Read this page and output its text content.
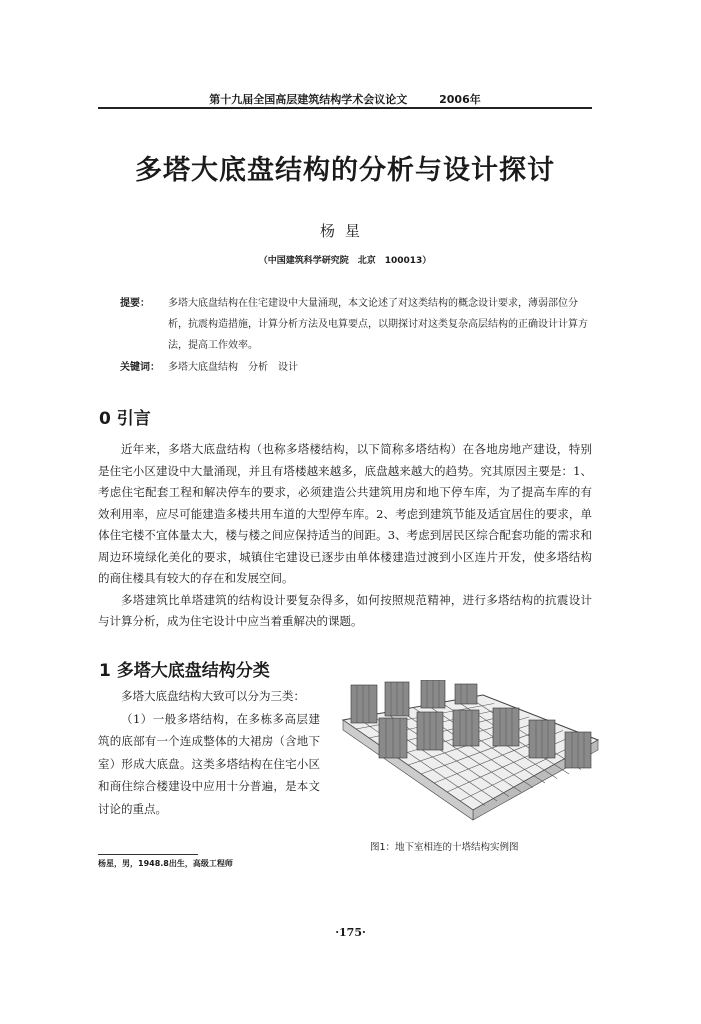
第十九届全国高层建筑结构学术会议论文	2006年
多塔大底盘结构的分析与设计探讨
杨星
（中国建筑科学研究院　北京　100013）
提要：	多塔大底盘结构在住宅建设中大量涌现，本文论述了对这类结构的概念设计要求，薄弱部位分析，抗震构造措施，计算分析方法及电算要点，以期探讨对这类复杂高层结构的正确设计计算方法，提高工作效率。
关键词： 多塔大底盘结构　分析　设计
0 引言

近年来，多塔大底盘结构（也称多塔楼结构，以下简称多塔结构）在各地房地产建设，特别是住宅小区建设中大量涌现，并且有塔楼越来越多，底盘越来越大的趋势。究其原因主要是：1、考虑住宅配套工程和解决停车的要求，必须建造公共建筑用房和地下停车库，为了提高车库的有效利用率，应尽可能建造多楼共用车道的大型停车库。2、考虑到建筑节能及适宜居住的要求，单体住宅楼不宜体量太大，楼与楼之间应保持适当的间距。3、考虑到居民区综合配套功能的需求和周边环境绿化美化的要求，城镇住宅建设已逐步由单体楼建造过渡到小区连片开发，使多塔结构的商住楼具有较大的存在和发展空间。

多塔建筑比单塔建筑的结构设计要复杂得多，如何按照规范精神，进行多塔结构的抗震设计与计算分析，成为住宅设计中应当着重解决的课题。

1 多塔大底盘结构分类

多塔大底盘结构大致可以分为三类：

（1）一般多塔结构，在多栋多高层建筑的底部有一个连成整体的大裙房（含地下室）形成大底盘。这类多塔结构在住宅小区和商住综合楼建设中应用十分普遍，是本文讨论的重点。

图1：地下室相连的十塔结构实例图
杨星，男，1948.8出生，高级工程师
·175·
